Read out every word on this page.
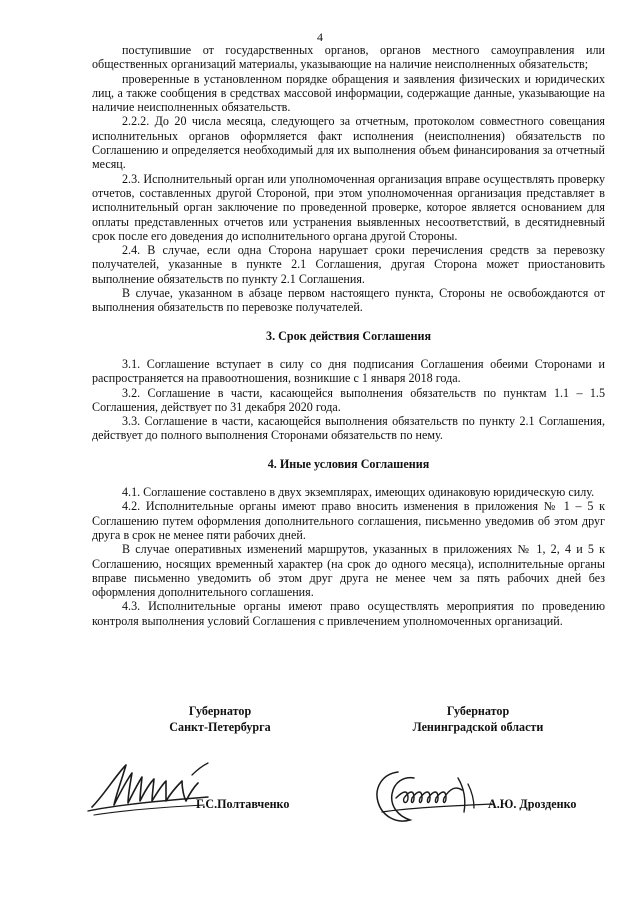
4

поступившие от государственных органов, органов местного самоуправления или общественных организаций материалы, указывающие на наличие неисполненных обязательств;

проверенные в установленном порядке обращения и заявления физических и юридических лиц, а также сообщения в средствах массовой информации, содержащие данные, указывающие на наличие неисполненных обязательств.

2.2.2. До 20 числа месяца, следующего за отчетным, протоколом совместного совещания исполнительных органов оформляется факт исполнения (неисполнения) обязательств по Соглашению и определяется необходимый для их выполнения объем финансирования за отчетный месяц.

2.3. Исполнительный орган или уполномоченная организация вправе осуществлять проверку отчетов, составленных другой Стороной, при этом уполномоченная организация представляет в исполнительный орган заключение по проведенной проверке, которое является основанием для оплаты представленных отчетов или устранения выявленных несоответствий, в десятидневный срок после его доведения до исполнительного органа другой Стороны.

2.4. В случае, если одна Сторона нарушает сроки перечисления средств за перевозку получателей, указанные в пункте 2.1 Соглашения, другая Сторона может приостановить выполнение обязательств по пункту 2.1 Соглашения.

В случае, указанном в абзаце первом настоящего пункта, Стороны не освобождаются от выполнения обязательств по перевозке получателей.

3. Срок действия Соглашения

3.1. Соглашение вступает в силу со дня подписания Соглашения обеими Сторонами и распространяется на правоотношения, возникшие с 1 января 2018 года.

3.2. Соглашение в части, касающейся выполнения обязательств по пунктам 1.1 – 1.5 Соглашения, действует по 31 декабря 2020 года.

3.3. Соглашение в части, касающейся выполнения обязательств по пункту 2.1 Соглашения, действует до полного выполнения Сторонами обязательств по нему.

4. Иные условия Соглашения

4.1. Соглашение составлено в двух экземплярах, имеющих одинаковую юридическую силу.

4.2. Исполнительные органы имеют право вносить изменения в приложения № 1 – 5 к Соглашению путем оформления дополнительного соглашения, письменно уведомив об этом друг друга в срок не менее пяти рабочих дней.

В случае оперативных изменений маршрутов, указанных в приложениях № 1, 2, 4 и 5 к Соглашению, носящих временный характер (на срок до одного месяца), исполнительные органы вправе письменно уведомить об этом друг друга не менее чем за пять рабочих дней без оформления дополнительного соглашения.

4.3. Исполнительные органы имеют право осуществлять мероприятия по проведению контроля выполнения условий Соглашения с привлечением уполномоченных организаций.

Губернатор
Санкт-Петербурга
Губернатор
Ленинградской области
Г.С.Полтавченко	А.Ю. Дрозденко
